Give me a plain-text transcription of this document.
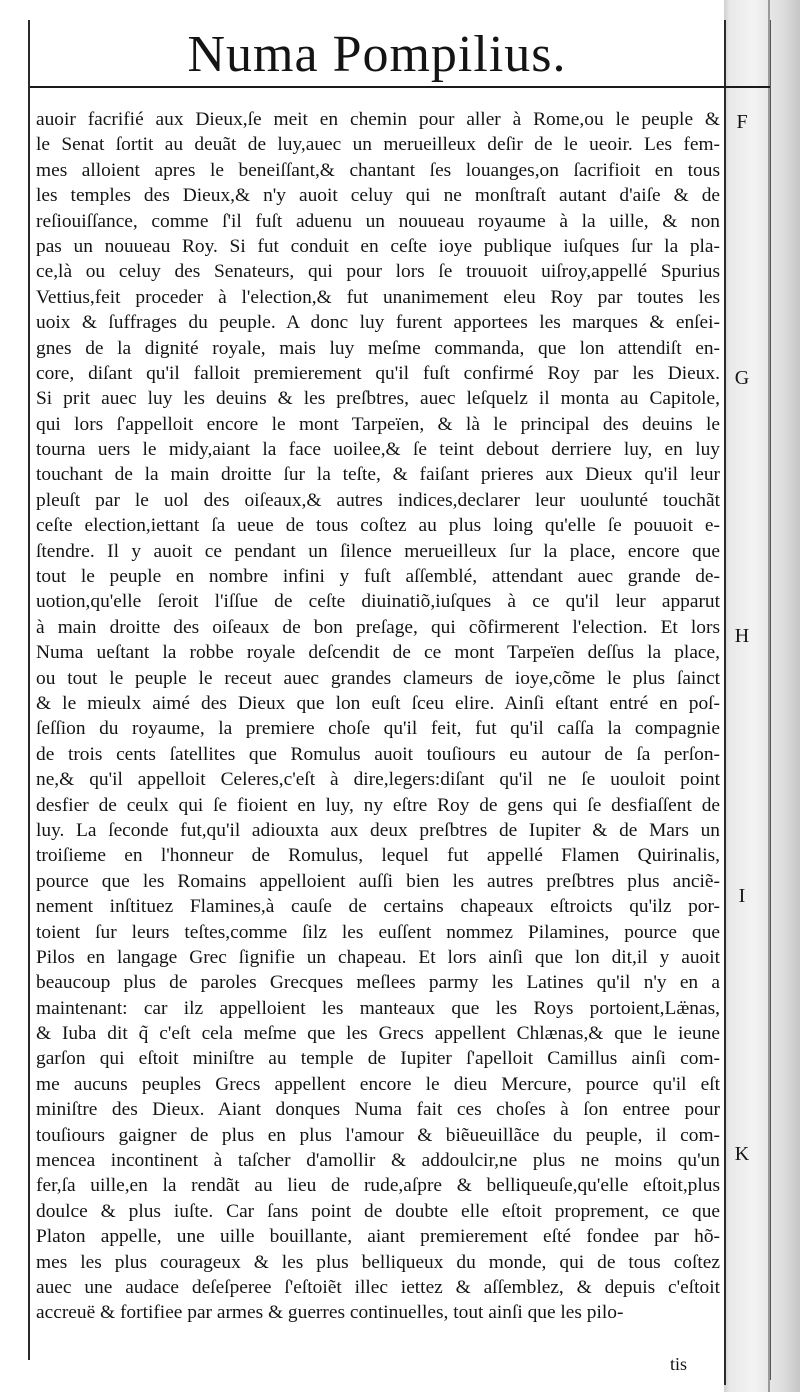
Numa Pompilius.
auoir facrifié aux Dieux,ſe meit en chemin pour aller à Rome,ou le peuple &
le Senat ſortit au deuãt de luy,auec un merueilleux deſir de le ueoir. Les fem-
mes alloient apres le beneiſſant,& chantant ſes louanges,on ſacrifioit en tous
les temples des Dieux,& n'y auoit celuy qui ne monſtraſt autant d'aiſe & de
reſiouiſſance, comme ſ'il fuſt aduenu un nouueau royaume à la uille, & non
pas un nouueau Roy. Si fut conduit en ceſte ioye publique iuſques ſur la pla-
ce,là ou celuy des Senateurs, qui pour lors ſe trouuoit uiſroy,appellé Spurius
Vettius,feit proceder à l'election,& fut unanimement eleu Roy par toutes les
uoix & ſuffrages du peuple. A donc luy furent apportees les marques & enſei-
gnes de la dignité royale, mais luy meſme commanda, que lon attendiſt en-
core, diſant qu'il falloit premierement qu'il fuſt confirmé Roy par les Dieux.
Si prit auec luy les deuins & les preſbtres, auec leſquelz il monta au Capitole,
qui lors ſ'appelloit encore le mont Tarpeïen, & là le principal des deuins le
tourna uers le midy,aiant la face uoilee,& ſe teint debout derriere luy, en luy
touchant de la main droitte ſur la teſte, & faiſant prieres aux Dieux qu'il leur
pleuſt par le uol des oiſeaux,& autres indices,declarer leur uoulunté touchãt
ceſte election,iettant ſa ueue de tous coſtez au plus loing qu'elle ſe pouuoit e-
ſtendre. Il y auoit ce pendant un ſilence merueilleux ſur la place, encore que
tout le peuple en nombre infini y fuſt aſſemblé, attendant auec grande de-
uotion,qu'elle ſeroit l'iſſue de ceſte diuinatiõ,iuſques à ce qu'il leur apparut
à main droitte des oiſeaux de bon preſage, qui cõfirmerent l'election. Et lors
Numa ueſtant la robbe royale deſcendit de ce mont Tarpeïen deſſus la place,
ou tout le peuple le receut auec grandes clameurs de ioye,cõme le plus ſainct
& le mieulx aimé des Dieux que lon euſt ſceu elire. Ainſi eſtant entré en poſ-
ſeſſion du royaume, la premiere choſe qu'il feit, fut qu'il caſſa la compagnie
de trois cents ſatellites que Romulus auoit touſiours eu autour de ſa perſon-
ne,& qu'il appelloit Celeres,c'eſt à dire,legers:diſant qu'il ne ſe uouloit point
desfier de ceulx qui ſe fioient en luy, ny eſtre Roy de gens qui ſe desfiaſſent de
luy. La ſeconde fut,qu'il adiouxta aux deux preſbtres de Iupiter & de Mars un
troiſieme en l'honneur de Romulus, lequel fut appellé Flamen Quirinalis,
pource que les Romains appelloient auſſi bien les autres preſbtres plus anciẽ-
nement inſtituez Flamines,à cauſe de certains chapeaux eſtroicts qu'ilz por-
toient ſur leurs teſtes,comme ſilz les euſſent nommez Pilamines, pource que
Pilos en langage Grec ſignifie un chapeau. Et lors ainſi que lon dit,il y auoit
beaucoup plus de paroles Grecques meſlees parmy les Latines qu'il n'y en a
maintenant: car ilz appelloient les manteaux que les Roys portoient,Læ̈nas,
& Iuba dit q̃ c'eſt cela meſme que les Grecs appellent Chlænas,& que le ieune
garſon qui eſtoit miniſtre au temple de Iupiter ſ'apelloit Camillus ainſi com-
me aucuns peuples Grecs appellent encore le dieu Mercure, pource qu'il eſt
miniſtre des Dieux. Aiant donques Numa fait ces choſes à ſon entree pour
touſiours gaigner de plus en plus l'amour & biẽueuillãce du peuple, il com-
mencea incontinent à taſcher d'amollir & addoulcir,ne plus ne moins qu'un
fer,ſa uille,en la rendãt au lieu de rude,aſpre & belliqueuſe,qu'elle eſtoit,plus
doulce & plus iuſte. Car ſans point de doubte elle eſtoit proprement, ce que
Platon appelle, une uille bouillante, aiant premierement eſté fondee par hõ-
mes les plus courageux & les plus belliqueux du monde, qui de tous coſtez
auec une audace deſeſperee ſ'eſtoiẽt illec iettez & aſſemblez, & depuis c'eſtoit
accreuë & fortifiee par armes & guerres continuelles, tout ainſi que les pilo-
F
G
H
I
K
tis
